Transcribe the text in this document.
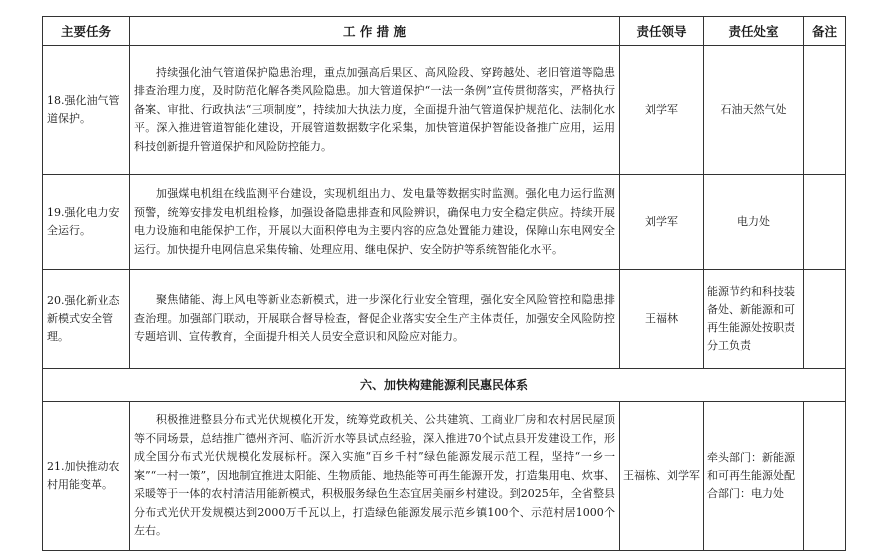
主要任务	工 作 措 施	责任领导	责任处室	备注
18.强化油气管道保护。	持续强化油气管道保护隐患治理，重点加强高后果区、高风险段、穿跨越处、老旧管道等隐患排查治理力度，及时防范化解各类风险隐患。加大管道保护“一法一条例”宣传贯彻落实，严格执行备案、审批、行政执法“三项制度”，持续加大执法力度，全面提升油气管道保护规范化、法制化水平。深入推进管道智能化建设，开展管道数据数字化采集，加快管道保护智能设备推广应用，运用科技创新提升管道保护和风险防控能力。	刘学军	石油天然气处	
19.强化电力安全运行。	加强煤电机组在线监测平台建设，实现机组出力、发电量等数据实时监测。强化电力运行监测预警，统筹安排发电机组检修，加强设备隐患排查和风险辨识，确保电力安全稳定供应。持续开展电力设施和电能保护工作，开展以大面积停电为主要内容的应急处置能力建设，保障山东电网安全运行。加快提升电网信息采集传输、处理应用、继电保护、安全防护等系统智能化水平。	刘学军	电力处	
20.强化新业态新模式安全管理。	聚焦储能、海上风电等新业态新模式，进一步深化行业安全管理，强化安全风险管控和隐患排查治理。加强部门联动，开展联合督导检查，督促企业落实安全生产主体责任，加强安全风险防控专题培训、宣传教育，全面提升相关人员安全意识和风险应对能力。	王福林	能源节约和科技装备处、新能源和可再生能源处按职责分工负责	
六、加快构建能源利民惠民体系				
21.加快推动农村用能变革。	积极推进整县分布式光伏规模化开发，统筹党政机关、公共建筑、工商业厂房和农村居民屋顶等不同场景，总结推广德州齐河、临沂沂水等县试点经验，深入推进70个试点县开发建设工作，形成全国分布式光伏规模化发展标杆。深入实施“百乡千村”绿色能源发展示范工程，坚持“一乡一案”“一村一策”，因地制宜推进太阳能、生物质能、地热能等可再生能源开发，打造集用电、炊事、采暖等于一体的农村清洁用能新模式，积极服务绿色生态宜居美丽乡村建设。到2025年，全省整县分布式光伏开发规模达到2000万千瓦以上，打造绿色能源发展示范乡镇100个、示范村居1000个左右。	王福栋、刘学军	牵头部门：新能源和可再生能源处配合部门：电力处	
